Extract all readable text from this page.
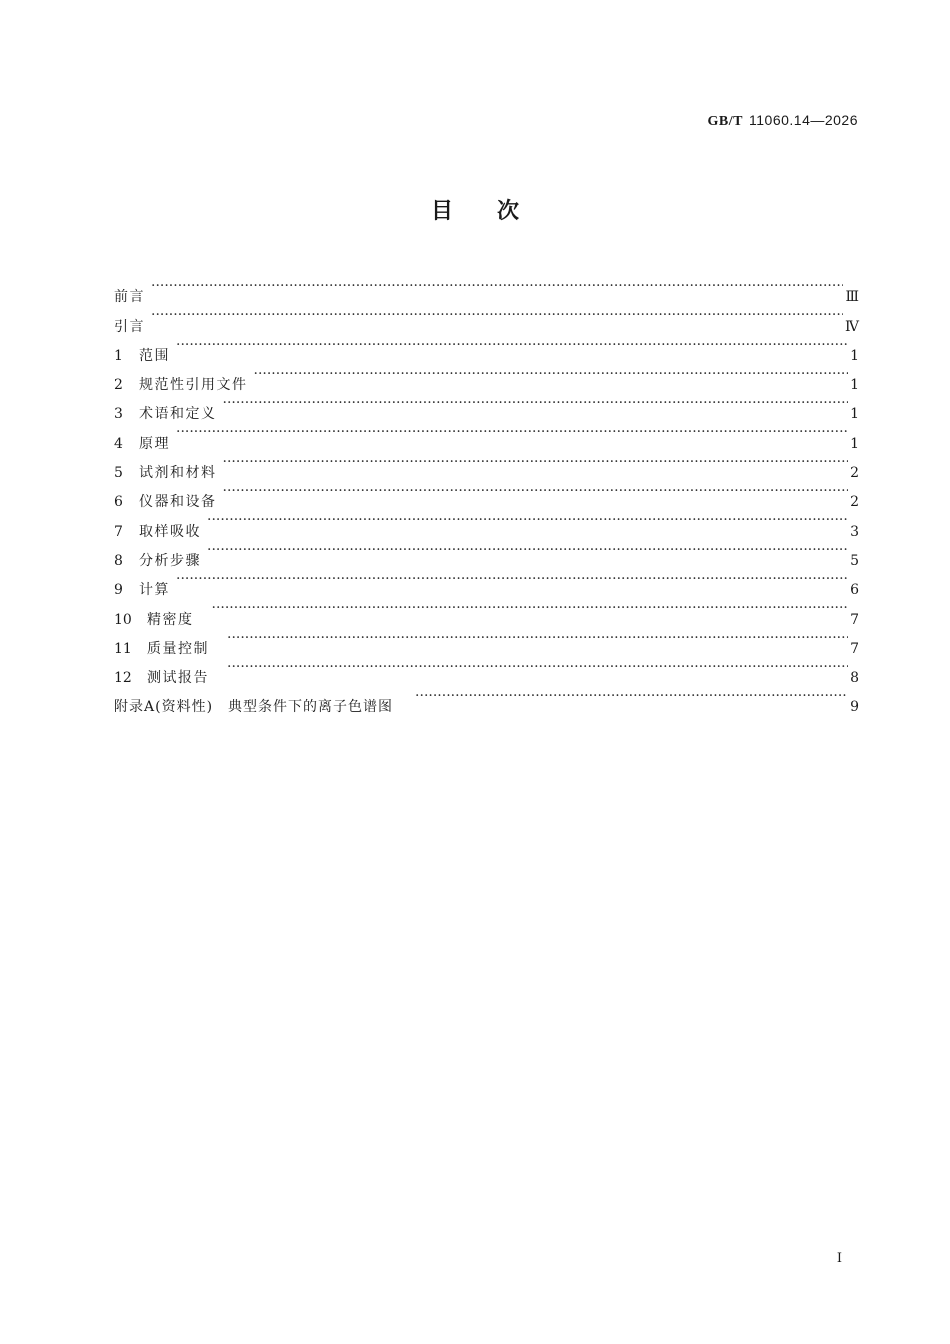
GB/T 11060.14—2026
目　　次
前言 ·····	Ⅲ
引言 ·····	Ⅳ
1	范围 ·····	1
2	规范性引用文件 ·····	1
3	术语和定义 ·····	1
4	原理 ·····	1
5	试剂和材料 ·····	2
6	仪器和设备 ·····	2
7	取样吸收 ·····	3
8	分析步骤 ·····	5
9	计算 ·····	6
10	精密度 ·····	7
11	质量控制 ·····	7
12	测试报告 ·····	8
附录A(资料性)　典型条件下的离子色谱图 ·····	9
I
